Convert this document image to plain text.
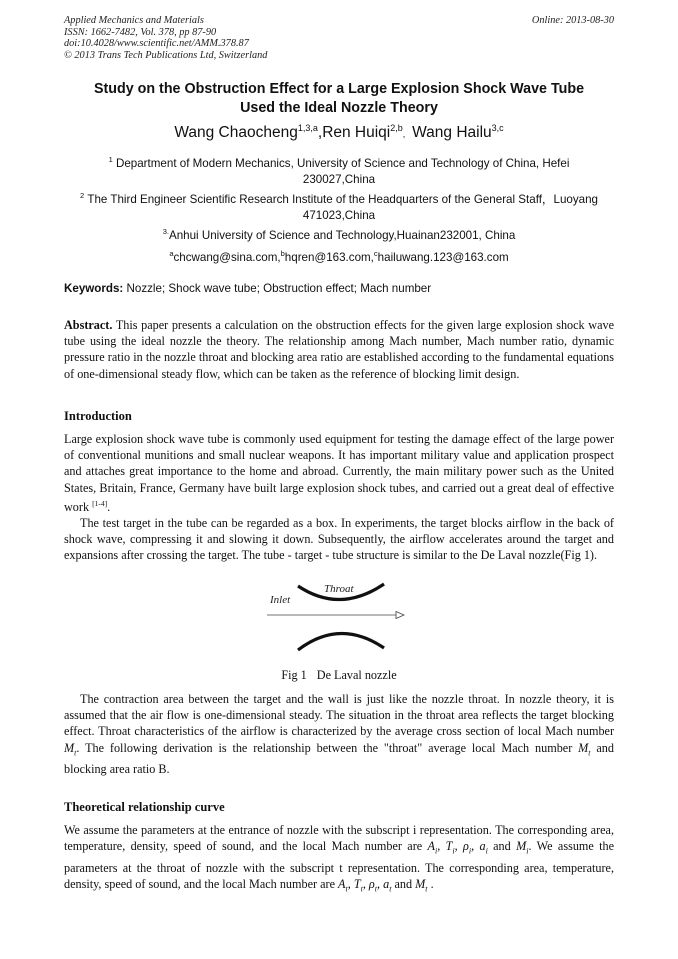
Applied Mechanics and Materials
ISSN: 1662-7482, Vol. 378, pp 87-90
doi:10.4028/www.scientific.net/AMM.378.87
© 2013 Trans Tech Publications Ltd, Switzerland
Online: 2013-08-30
Study on the Obstruction Effect for a Large Explosion Shock Wave Tube
Used the Ideal Nozzle Theory
Wang Chaocheng$^{1,3,a}$,Ren Huiqi$^{2,b}$,  Wang Hailu$^{3,c}$
$^1$ Department of Modern Mechanics, University of Science and Technology of China, Hefei 230027,China
$^2$ The Third Engineer Scientific Research Institute of the Headquarters of the General Staff，Luoyang 471023,China
$^{3.}$Anhui University of Science and Technology,Huainan232001, China
$^a$chcwang@sina.com,$^b$hqren@163.com,$^c$hailuwang.123@163.com
Keywords: Nozzle; Shock wave tube; Obstruction effect; Mach number

Abstract. This paper presents a calculation on the obstruction effects for the given large explosion shock wave tube using the ideal nozzle the theory. The relationship among Mach number, Mach number ratio, dynamic pressure ratio in the nozzle throat and blocking area ratio are established according to the fundamental equations of one-dimensional steady flow, which can be taken as the reference of blocking limit design.

Introduction

Large explosion shock wave tube is commonly used equipment for testing the damage effect of the large power of conventional munitions and small nuclear weapons. It has important military value and application prospect and attaches great importance to the home and abroad. Currently, the main military power such as the United States, Britain, France, Germany have built large explosion shock tubes, and carried out a great deal of effective work [1-4].

The test target in the tube can be regarded as a box. In experiments, the target blocks airflow in the back of shock wave, compressing it and slowing it down. Subsequently, the airflow accelerates around the target and expansions after crossing the target. The tube - target - tube structure is similar to the De Laval nozzle(Fig 1).

Inlet
Throat
Fig 1 De Laval nozzle

The contraction area between the target and the wall is just like the nozzle throat. In nozzle theory, it is assumed that the air flow is one-dimensional steady. The situation in the throat area reflects the target blocking effect. Throat characteristics of the airflow is characterized by the average cross section of local Mach number $M_t$. The following derivation is the relationship between the "throat" average local Mach number $M_t$ and blocking area ratio B.

Theoretical relationship curve

We assume the parameters at the entrance of nozzle with the subscript i representation. The corresponding area, temperature, density, speed of sound, and the local Mach number are $A_i$, $T_i$, $\rho_i$, $a_i$ and $M_i$. We assume the parameters at the throat of nozzle with the subscript t representation. The corresponding area, temperature, density, speed of sound, and the local Mach number are $A_t$, $T_t$, $\rho_t$, $a_t$ and $M_t$ .
